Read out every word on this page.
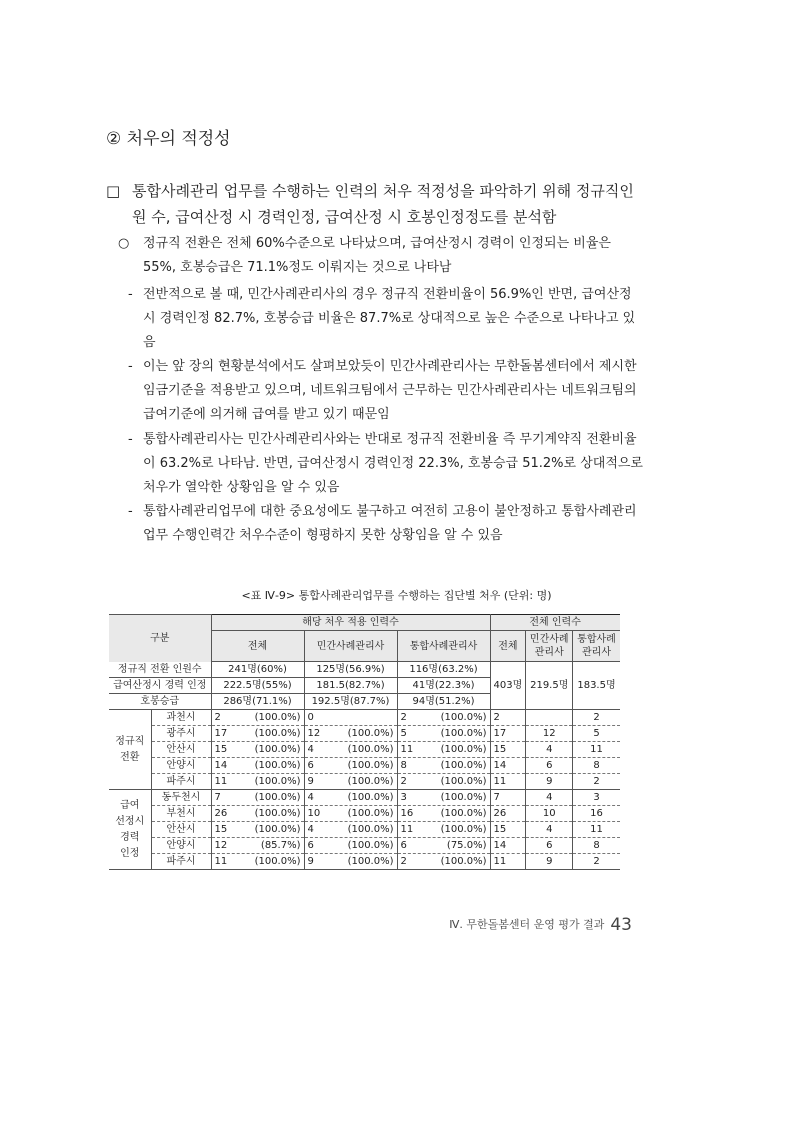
② 처우의 적정성
□ 통합사례관리 업무를 수행하는 인력의 처우 적정성을 파악하기 위해 정규직인 원 수, 급여산정 시 경력인정, 급여산정 시 호봉인정정도를 분석함
○	정규직 전환은 전체 60%수준으로 나타났으며, 급여산정시 경력이 인정되는 비율은 55%, 호봉승급은 71.1%정도 이뤄지는 것으로 나타남
- 전반적으로 볼 때, 민간사례관리사의 경우 정규직 전환비율이 56.9%인 반면, 급여산정시 경력인정 82.7%, 호봉승급 비율은 87.7%로 상대적으로 높은 수준으로 나타나고 있음
- 이는 앞 장의 현황분석에서도 살펴보았듯이 민간사례관리사는 무한돌봄센터에서 제시한 임금기준을 적용받고 있으며, 네트워크팀에서 근무하는 민간사례관리사는 네트워크팀의 급여기준에 의거해 급여를 받고 있기 때문임
- 통합사례관리사는 민간사례관리사와는 반대로 정규직 전환비율 즉 무기계약직 전환비율이 63.2%로 나타남. 반면, 급여산정시 경력인정 22.3%, 호봉승급 51.2%로 상대적으로 처우가 열악한 상황임을 알 수 있음
- 통합사례관리업무에 대한 중요성에도 불구하고 여전히 고용이 불안정하고 통합사례관리업무 수행인력간 처우수준이 형평하지 못한 상황임을 알 수 있음
<표 Ⅳ-9> 통합사례관리업무를 수행하는 집단별 처우 (단위: 명)
구분		해당 처우 적용 인력수			전체 인력수		
		전체	민간사례관리사	통합사례관리사	전체	민간사례관리사	통합사례관리사
정규직 전환 인원수		241명(60%)	125명(56.9%)	116명(63.2%)	403명	219.5명	183.5명
급여산정시 경력 인정		222.5명(55%)	181.5(82.7%)	41명(22.3%)			
호봉승급		286명(71.1%)	192.5명(87.7%)	94명(51.2%)			
정규직
전환	과천시	2 (100.0%)	0	2 (100.0%)	2		2
	광주시	17 (100.0%)	12 (100.0%)	5 (100.0%)	17	12	5
	안산시	15 (100.0%)	4 (100.0%)	11 (100.0%)	15	4	11
	안양시	14 (100.0%)	6 (100.0%)	8 (100.0%)	14	6	8
	파주시	11 (100.0%)	9 (100.0%)	2 (100.0%)	11	9	2
급여
선정시
경력
인정	동두천시	7 (100.0%)	4 (100.0%)	3 (100.0%)	7	4	3
	부천시	26 (100.0%)	10 (100.0%)	16 (100.0%)	26	10	16
	안산시	15 (100.0%)	4 (100.0%)	11 (100.0%)	15	4	11
	안양시	12 (85.7%)	6 (100.0%)	6 (75.0%)	14	6	8
	파주시	11 (100.0%)	9 (100.0%)	2 (100.0%)	11	9	2
Ⅳ. 무한돌봄센터 운영 평가 결과 43
